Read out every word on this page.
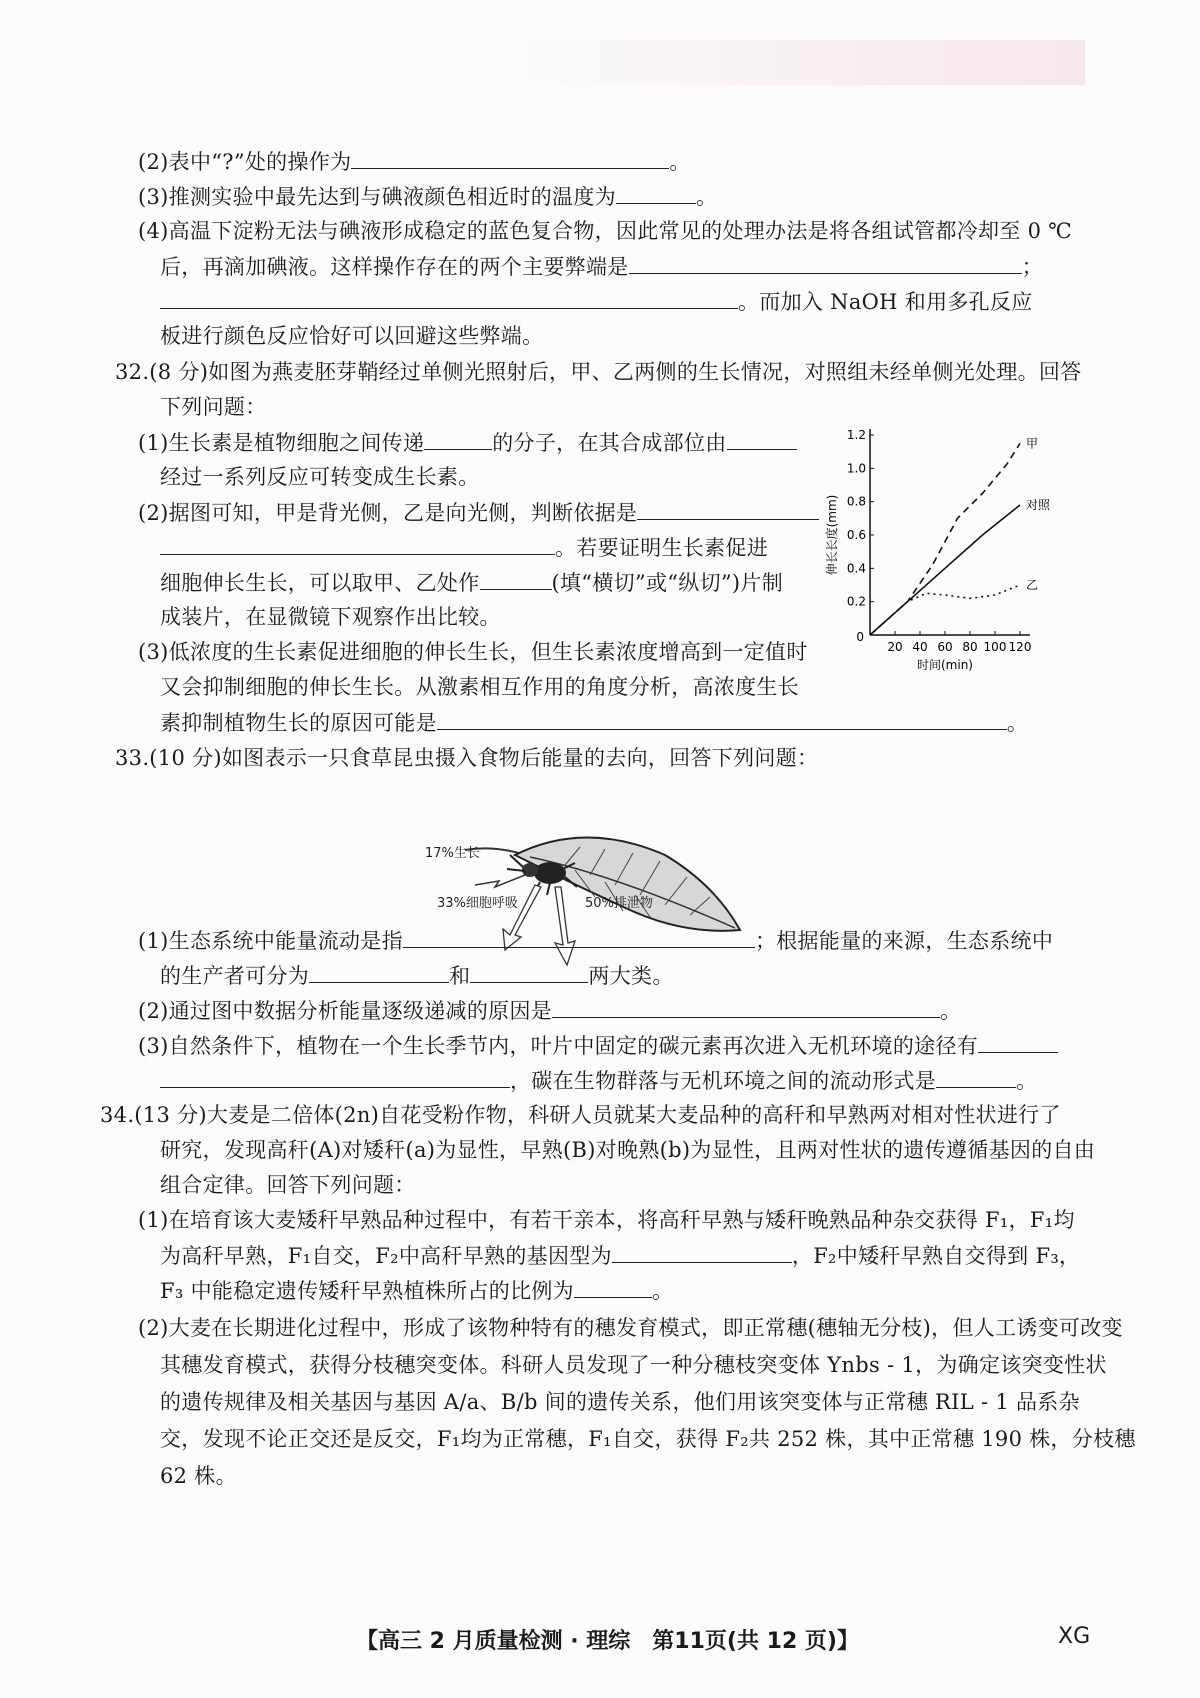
(2)表中“?”处的操作为	。
(3)推测实验中最先达到与碘液颜色相近时的温度为	。
(4)高温下淀粉无法与碘液形成稳定的蓝色复合物，因此常见的处理办法是将各组试管都冷却至 0 ℃
后，再滴加碘液。这样操作存在的两个主要弊端是	；
。而加入 NaOH 和用多孔反应
板进行颜色反应恰好可以回避这些弊端。
32.(8 分)如图为燕麦胚芽鞘经过单侧光照射后，甲、乙两侧的生长情况，对照组未经单侧光处理。回答
下列问题：
(1)生长素是植物细胞之间传递	的分子，在其合成部位由
经过一系列反应可转变成生长素。
(2)据图可知，甲是背光侧，乙是向光侧，判断依据是
。若要证明生长素促进
细胞伸长生长，可以取甲、乙处作	(填“横切”或“纵切”)片制
成装片，在显微镜下观察作出比较。
(3)低浓度的生长素促进细胞的伸长生长，但生长素浓度增高到一定值时
又会抑制细胞的伸长生长。从激素相互作用的角度分析，高浓度生长
素抑制植物生长的原因可能是	。
0.2
0.4
0.6
0.8
1.0
1.2
0
20 40 60 80 100 120
时间(min)
伸长长度(mm)
甲
对照
乙
33.(10 分)如图表示一只食草昆虫摄入食物后能量的去向，回答下列问题：
17%生长
33%细胞呼吸	50%排泄物
(1)生态系统中能量流动是指	；根据能量的来源，生态系统中
的生产者可分为	和	两大类。
(2)通过图中数据分析能量逐级递减的原因是	。
(3)自然条件下，植物在一个生长季节内，叶片中固定的碳元素再次进入无机环境的途径有
，碳在生物群落与无机环境之间的流动形式是	。
34.(13 分)大麦是二倍体(2n)自花受粉作物，科研人员就某大麦品种的高秆和早熟两对相对性状进行了
研究，发现高秆(A)对矮秆(a)为显性，早熟(B)对晚熟(b)为显性，且两对性状的遗传遵循基因的自由
组合定律。回答下列问题：
(1)在培育该大麦矮秆早熟品种过程中，有若干亲本，将高秆早熟与矮秆晚熟品种杂交获得 F₁，F₁均
为高秆早熟，F₁自交，F₂中高秆早熟的基因型为	，F₂中矮秆早熟自交得到 F₃，
F₃ 中能稳定遗传矮秆早熟植株所占的比例为	。
(2)大麦在长期进化过程中，形成了该物种特有的穗发育模式，即正常穗(穗轴无分枝)，但人工诱变可改变
其穗发育模式，获得分枝穗突变体。科研人员发现了一种分穗枝突变体 Ynbs - 1，为确定该突变性状
的遗传规律及相关基因与基因 A/a、B/b 间的遗传关系，他们用该突变体与正常穗 RIL - 1 品系杂
交，发现不论正交还是反交，F₁均为正常穗，F₁自交，获得 F₂共 252 株，其中正常穗 190 株，分枝穗
62 株。
【高三 2 月质量检测 · 理综　第11页(共 12 页)】	XG
